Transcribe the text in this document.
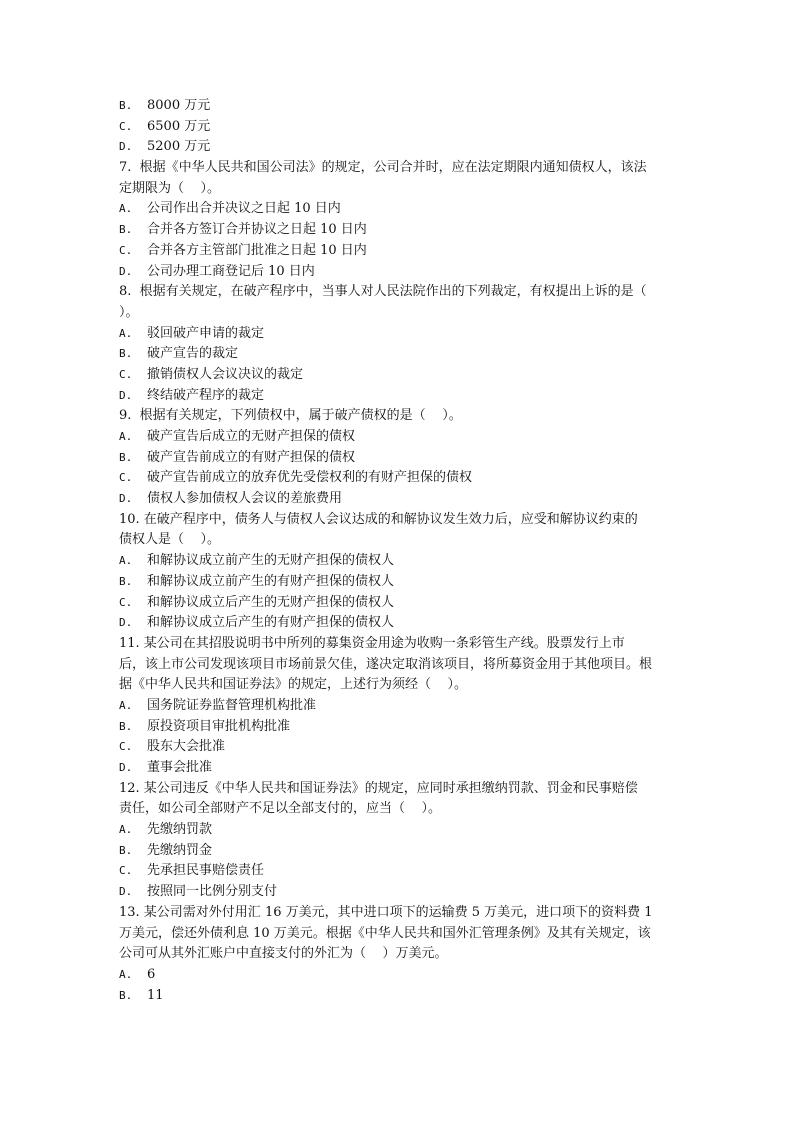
B. 8000 万元
C. 6500 万元
D. 5200 万元
7.  根据《中华人民共和国公司法》的规定，公司合并时，应在法定期限内通知债权人，该法
定期限为（    ）。
A. 公司作出合并决议之日起 10 日内
B. 合并各方签订合并协议之日起 10 日内
C. 合并各方主管部门批准之日起 10 日内
D. 公司办理工商登记后 10 日内
8.  根据有关规定，在破产程序中，当事人对人民法院作出的下列裁定，有权提出上诉的是（
）。
A. 驳回破产申请的裁定
B. 破产宣告的裁定
C. 撤销债权人会议决议的裁定
D. 终结破产程序的裁定
9.  根据有关规定，下列债权中，属于破产债权的是（    ）。
A. 破产宣告后成立的无财产担保的债权
B. 破产宣告前成立的有财产担保的债权
C. 破产宣告前成立的放弃优先受偿权利的有财产担保的债权
D. 债权人参加债权人会议的差旅费用
10. 在破产程序中，债务人与债权人会议达成的和解协议发生效力后，应受和解协议约束的
债权人是（    ）。
A. 和解协议成立前产生的无财产担保的债权人
B. 和解协议成立前产生的有财产担保的债权人
C. 和解协议成立后产生的无财产担保的债权人
D. 和解协议成立后产生的有财产担保的债权人
11. 某公司在其招股说明书中所列的募集资金用途为收购一条彩管生产线。股票发行上市
后，该上市公司发现该项目市场前景欠佳，遂决定取消该项目，将所募资金用于其他项目。根
据《中华人民共和国证券法》的规定，上述行为须经（    ）。
A. 国务院证券监督管理机构批准
B. 原投资项目审批机构批准
C. 股东大会批准
D. 董事会批准
12. 某公司违反《中华人民共和国证券法》的规定，应同时承担缴纳罚款、罚金和民事赔偿
责任，如公司全部财产不足以全部支付的，应当（    ）。
A. 先缴纳罚款
B. 先缴纳罚金
C. 先承担民事赔偿责任
D. 按照同一比例分别支付
13. 某公司需对外付用汇 16 万美元，其中进口项下的运输费 5 万美元，进口项下的资料费 1
万美元，偿还外债利息 10 万美元。根据《中华人民共和国外汇管理条例》及其有关规定，该
公司可从其外汇账户中直接支付的外汇为（    ）万美元。
A. 6
B. 11
